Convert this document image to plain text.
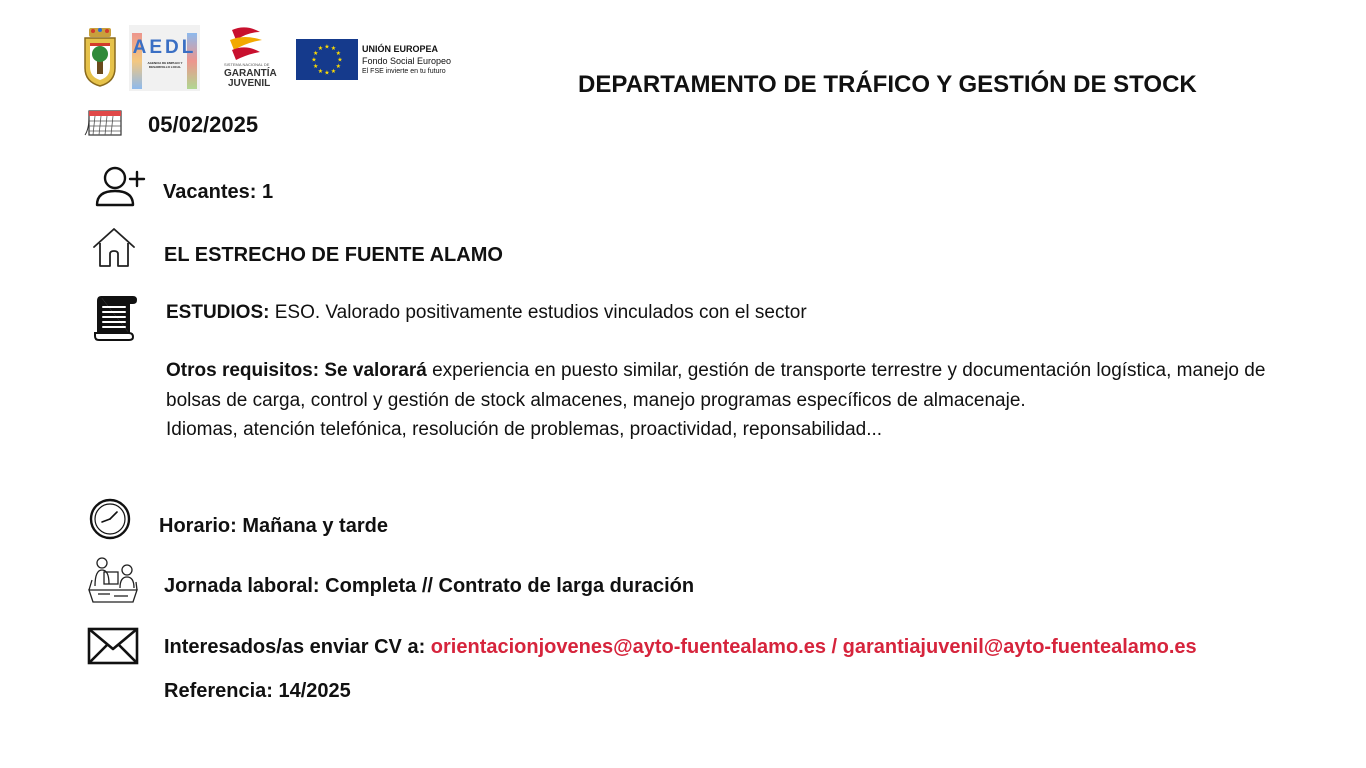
AEDL
AGENCIA DE EMPLEO Y DESARROLLO LOCAL	SISTEMA NACIONAL DE
GARANTÍA
JUVENIL
★ ★
★
★
★
★
★
★
★
★
★
★	UNIÓN EUROPEA
Fondo Social Europeo
El FSE invierte en tu futuro	DEPARTAMENTO DE TRÁFICO Y GESTIÓN DE STOCK
05/02/2025
Vacantes: 1
EL ESTRECHO DE FUENTE ALAMO
ESTUDIOS: ESO. Valorado positivamente estudios vinculados con el sector
Otros requisitos: Se valorará experiencia en puesto similar, gestión de transporte terrestre y documentación logística, manejo de bolsas de carga, control y gestión de stock almacenes, manejo programas específicos de almacenaje.
Idiomas, atención telefónica, resolución de problemas, proactividad, reponsabilidad...
Horario: Mañana y tarde
Jornada laboral: Completa // Contrato de larga duración
Interesados/as enviar CV a: orientacionjovenes@ayto-fuentealamo.es / garantiajuvenil@ayto-fuentealamo.es
Referencia: 14/2025
